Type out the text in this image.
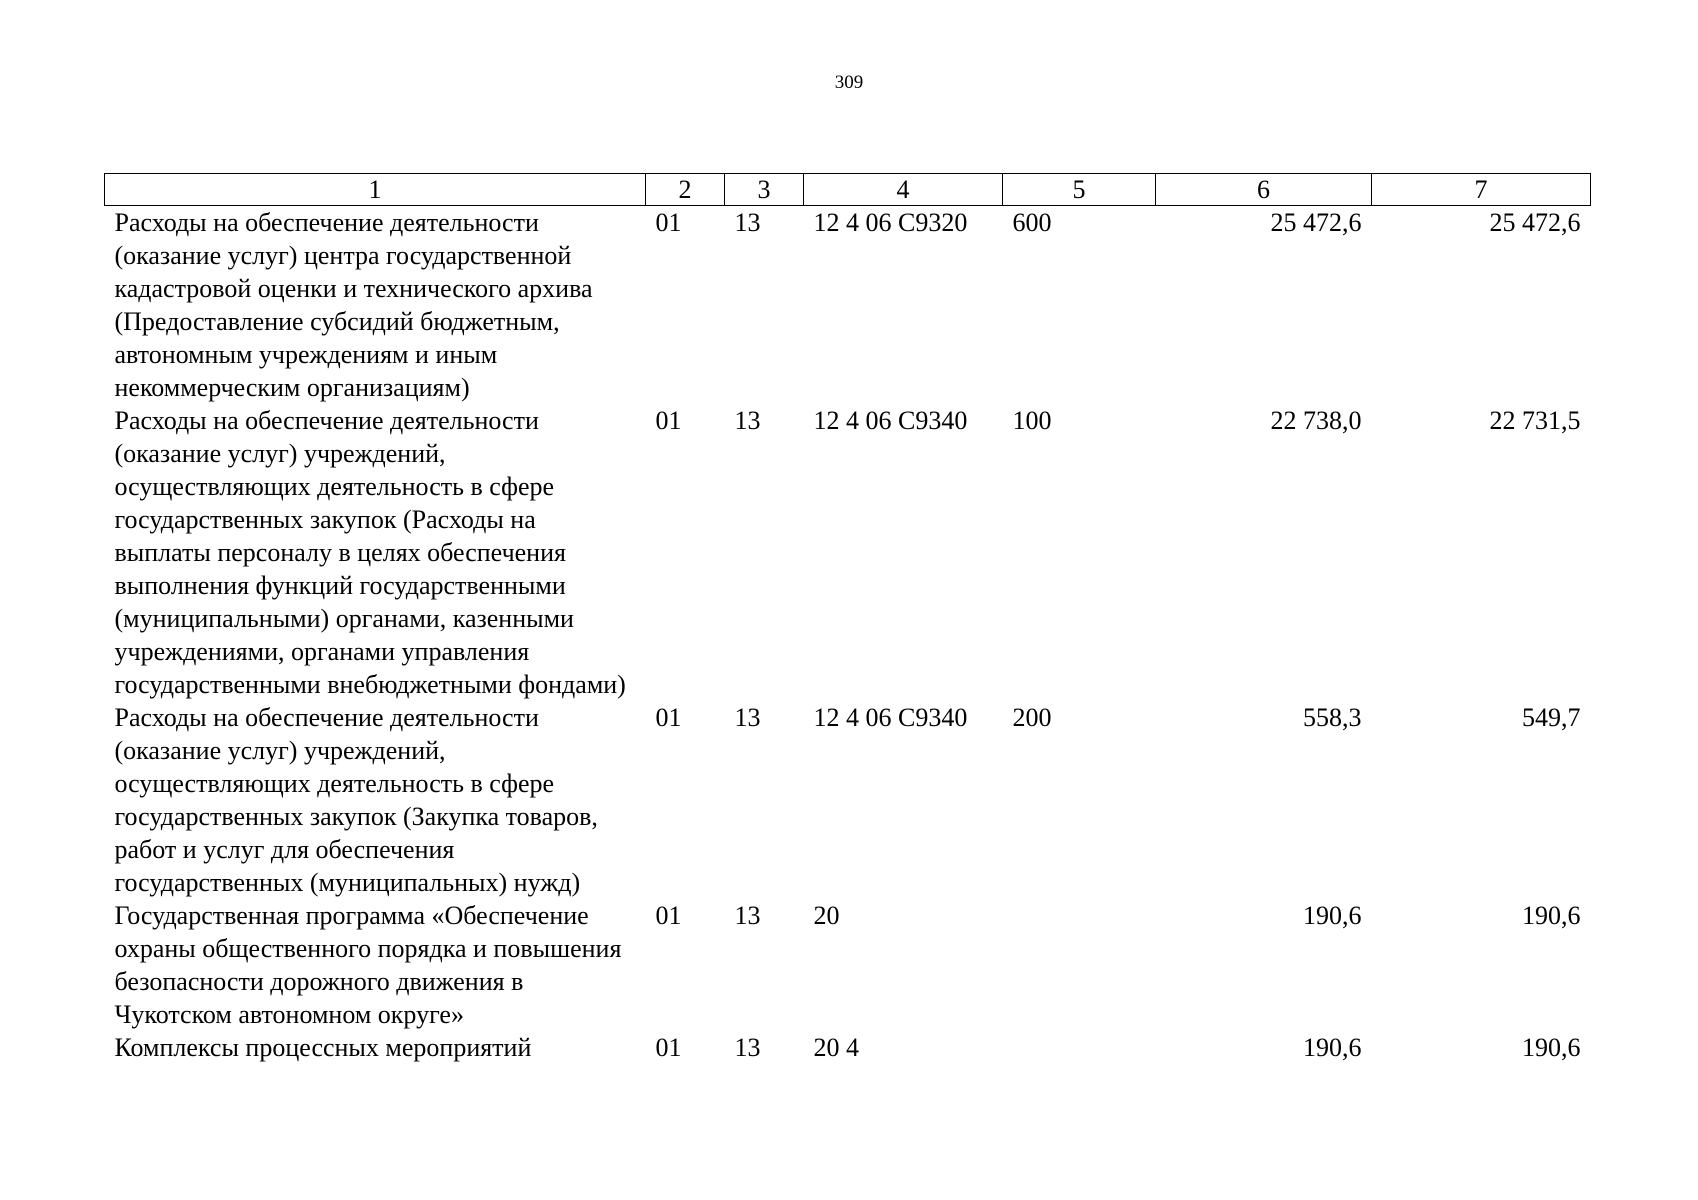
309
1	2	3	4	5	6	7
Расходы на обеспечение деятельности (оказание услуг) центра государственной кадастровой оценки и технического архива (Предоставление субсидий бюджетным, автономным учреждениям и иным некоммерческим организациям)	01	13	12 4 06 С9320	600	25 472,6	25 472,6
Расходы на обеспечение деятельности (оказание услуг) учреждений, осуществляющих деятельность в сфере государственных закупок (Расходы на выплаты персоналу в целях обеспечения выполнения функций государственными (муниципальными) органами, казенными учреждениями, органами управления государственными внебюджетными фондами)	01	13	12 4 06 С9340	100	22 738,0	22 731,5
Расходы на обеспечение деятельности (оказание услуг) учреждений, осуществляющих деятельность в сфере государственных закупок (Закупка товаров, работ и услуг для обеспечения государственных (муниципальных) нужд)	01	13	12 4 06 С9340	200	558,3	549,7
Государственная программа «Обеспечение охраны общественного порядка и повышения безопасности дорожного движения в Чукотском автономном округе»	01	13	20		190,6	190,6
Комплексы процессных мероприятий	01	13	20 4		190,6	190,6
